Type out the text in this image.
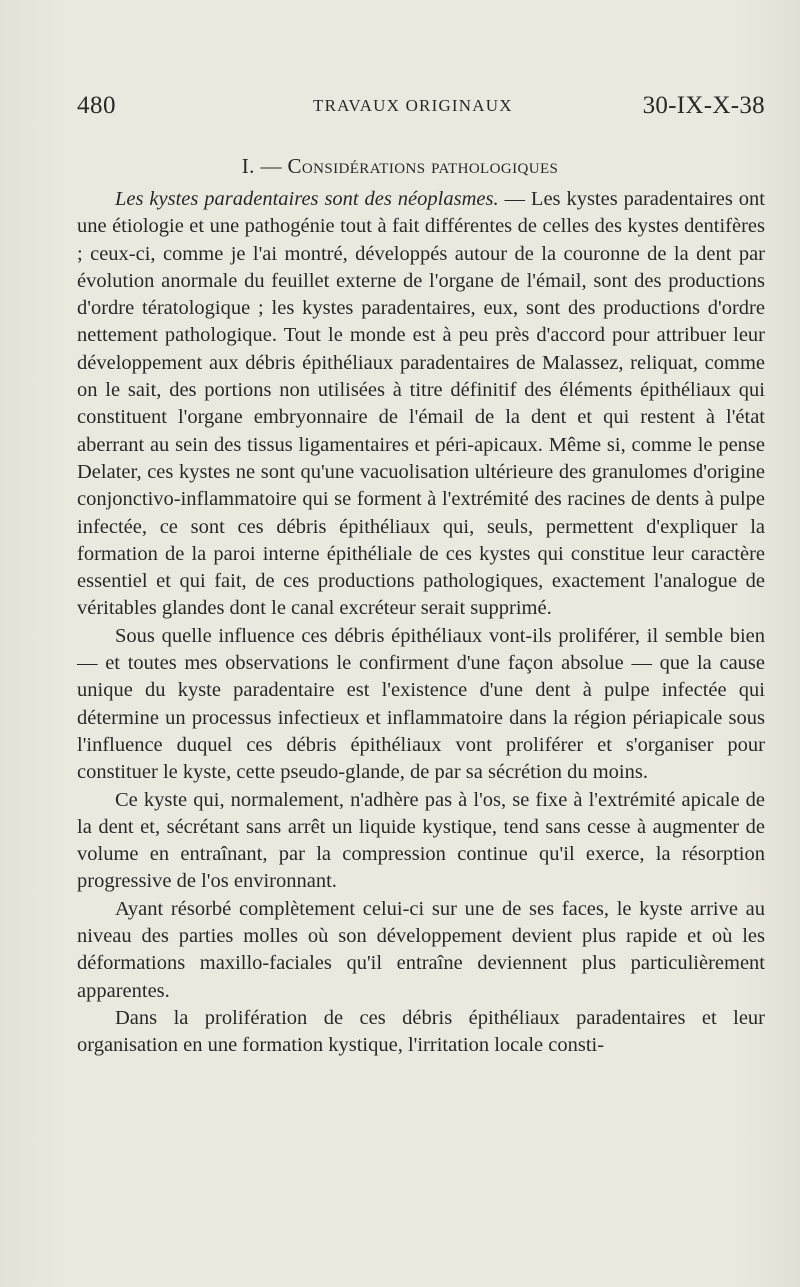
480	TRAVAUX ORIGINAUX	30-IX-X-38
I. — Considérations pathologiques

Les kystes paradentaires sont des néoplasmes. — Les kystes paradentaires ont une étiologie et une pathogénie tout à fait différentes de celles des kystes dentifères ; ceux-ci, comme je l'ai montré, développés autour de la couronne de la dent par évolution anormale du feuillet externe de l'organe de l'émail, sont des productions d'ordre tératologique ; les kystes paradentaires, eux, sont des productions d'ordre nettement pathologique. Tout le monde est à peu près d'accord pour attribuer leur développement aux débris épithéliaux paradentaires de Malassez, reliquat, comme on le sait, des portions non utilisées à titre définitif des éléments épithéliaux qui constituent l'organe embryonnaire de l'émail de la dent et qui restent à l'état aberrant au sein des tissus ligamentaires et péri-apicaux. Même si, comme le pense Delater, ces kystes ne sont qu'une vacuolisation ultérieure des granulomes d'origine conjonctivo-inflammatoire qui se forment à l'extrémité des racines de dents à pulpe infectée, ce sont ces débris épithéliaux qui, seuls, permettent d'expliquer la formation de la paroi interne épithéliale de ces kystes qui constitue leur caractère essentiel et qui fait, de ces productions pathologiques, exactement l'analogue de véritables glandes dont le canal excréteur serait supprimé.

Sous quelle influence ces débris épithéliaux vont-ils proliférer, il semble bien — et toutes mes observations le confirment d'une façon absolue — que la cause unique du kyste paradentaire est l'existence d'une dent à pulpe infectée qui détermine un processus infectieux et inflammatoire dans la région périapicale sous l'influence duquel ces débris épithéliaux vont proliférer et s'organiser pour constituer le kyste, cette pseudo-glande, de par sa sécrétion du moins.

Ce kyste qui, normalement, n'adhère pas à l'os, se fixe à l'extrémité apicale de la dent et, sécrétant sans arrêt un liquide kystique, tend sans cesse à augmenter de volume en entraînant, par la compression continue qu'il exerce, la résorption progressive de l'os environnant.

Ayant résorbé complètement celui-ci sur une de ses faces, le kyste arrive au niveau des parties molles où son développement devient plus rapide et où les déformations maxillo-faciales qu'il entraîne deviennent plus particulièrement apparentes.

Dans la prolifération de ces débris épithéliaux paradentaires et leur organisation en une formation kystique, l'irritation locale consti-
